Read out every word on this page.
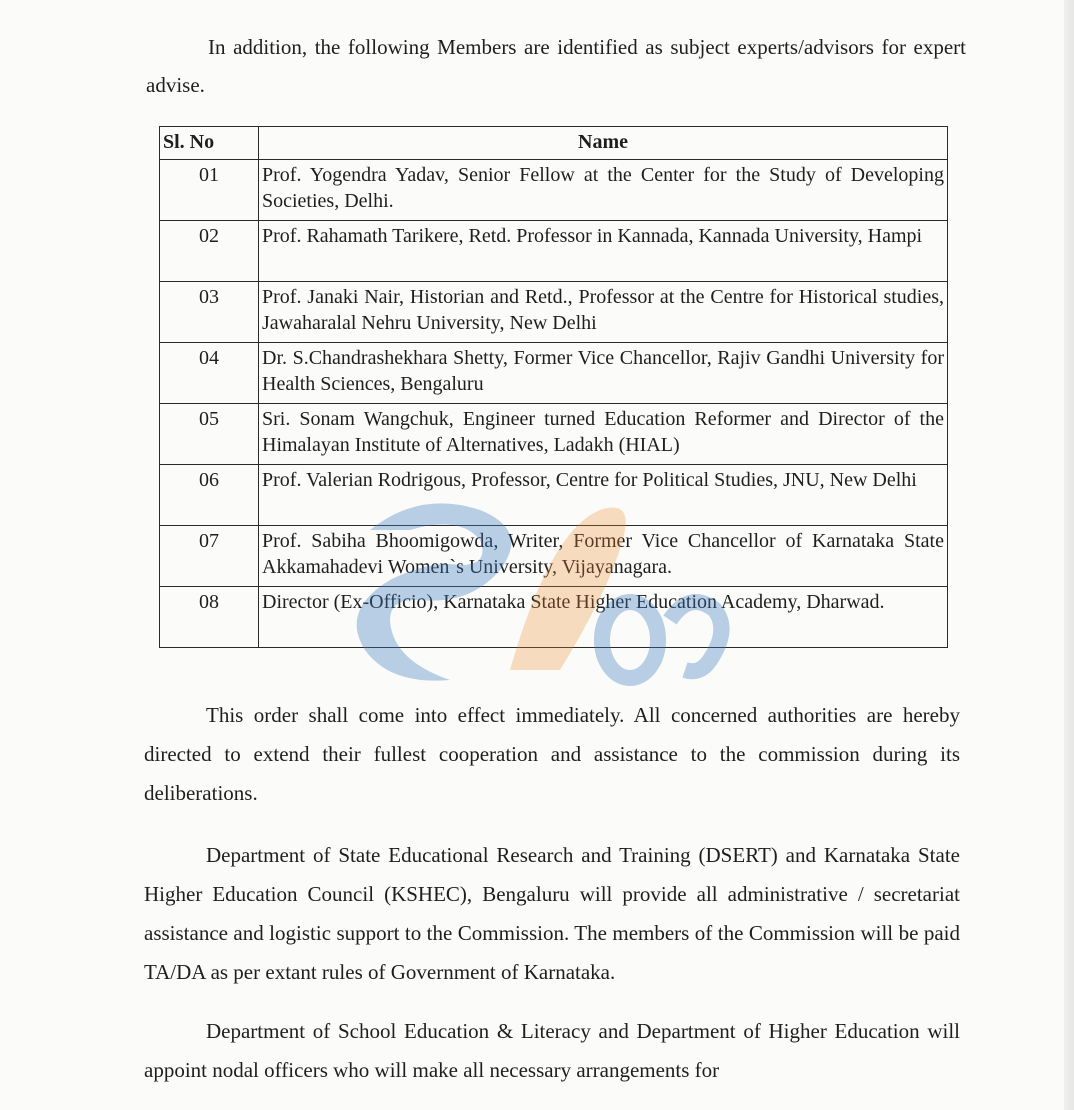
In addition, the following Members are identified as subject experts/advisors for expert advise.

Sl. No	Name
01	Prof. Yogendra Yadav, Senior Fellow at the Center for the Study of Developing Societies, Delhi.
02	Prof. Rahamath Tarikere, Retd. Professor in Kannada, Kannada University, Hampi
03	Prof. Janaki Nair, Historian and Retd., Professor at the Centre for Historical studies, Jawaharalal Nehru University, New Delhi
04	Dr. S.Chandrashekhara Shetty, Former Vice Chancellor, Rajiv Gandhi University for Health Sciences, Bengaluru
05	Sri. Sonam Wangchuk, Engineer turned Education Reformer and Director of the Himalayan Institute of Alternatives, Ladakh (HIAL)
06	Prof. Valerian Rodrigous, Professor, Centre for Political Studies, JNU, New Delhi
07	Prof. Sabiha Bhoomigowda, Writer, Former Vice Chancellor of Karnataka State Akkamahadevi Women`s University, Vijayanagara.
08	Director (Ex-Officio), Karnataka State Higher Education Academy, Dharwad.

This order shall come into effect immediately. All concerned authorities are hereby directed to extend their fullest cooperation and assistance to the commission during its deliberations.

Department of State Educational Research and Training (DSERT) and Karnataka State Higher Education Council (KSHEC), Bengaluru will provide all administrative / secretariat assistance and logistic support to the Commission. The members of the Commission will be paid TA/DA as per extant rules of Government of Karnataka.

Department of School Education & Literacy and Department of Higher Education will appoint nodal officers who will make all necessary arrangements for
